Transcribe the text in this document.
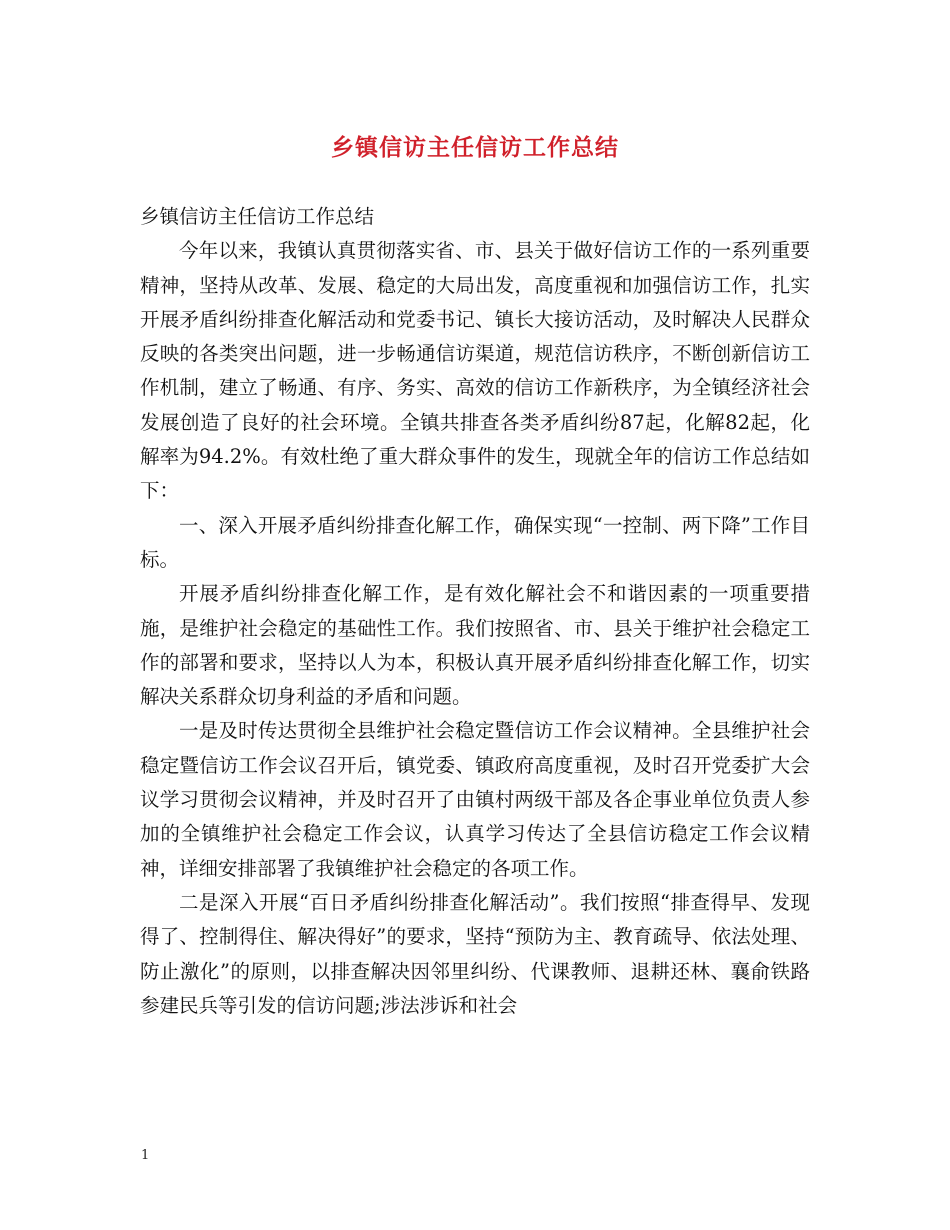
乡镇信访主任信访工作总结

乡镇信访主任信访工作总结

今年以来，我镇认真贯彻落实省、市、县关于做好信访工作的一系列重要精神，坚持从改革、发展、稳定的大局出发，高度重视和加强信访工作，扎实开展矛盾纠纷排查化解活动和党委书记、镇长大接访活动，及时解决人民群众反映的各类突出问题，进一步畅通信访渠道，规范信访秩序，不断创新信访工作机制，建立了畅通、有序、务实、高效的信访工作新秩序，为全镇经济社会发展创造了良好的社会环境。全镇共排查各类矛盾纠纷87起，化解82起，化解率为94.2%。有效杜绝了重大群众事件的发生，现就全年的信访工作总结如下：

一、深入开展矛盾纠纷排查化解工作，确保实现“一控制、两下降”工作目标。

开展矛盾纠纷排查化解工作，是有效化解社会不和谐因素的一项重要措施，是维护社会稳定的基础性工作。我们按照省、市、县关于维护社会稳定工作的部署和要求，坚持以人为本，积极认真开展矛盾纠纷排查化解工作，切实解决关系群众切身利益的矛盾和问题。

一是及时传达贯彻全县维护社会稳定暨信访工作会议精神。全县维护社会稳定暨信访工作会议召开后，镇党委、镇政府高度重视，及时召开党委扩大会议学习贯彻会议精神，并及时召开了由镇村两级干部及各企事业单位负责人参加的全镇维护社会稳定工作会议，认真学习传达了全县信访稳定工作会议精神，详细安排部署了我镇维护社会稳定的各项工作。

二是深入开展“百日矛盾纠纷排查化解活动”。我们按照“排查得早、发现得了、控制得住、解决得好”的要求，坚持“预防为主、教育疏导、依法处理、防止激化”的原则，以排查解决因邻里纠纷、代课教师、退耕还林、襄俞铁路参建民兵等引发的信访问题;涉法涉诉和社会

1
